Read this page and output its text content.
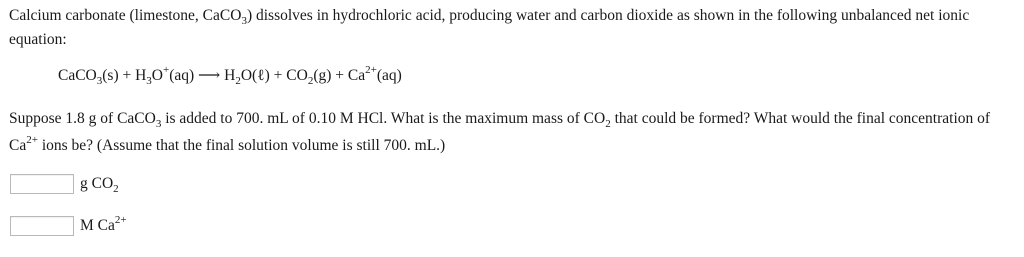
Calcium carbonate (limestone, CaCO$_3$) dissolves in hydrochloric acid, producing water and carbon dioxide as shown in the following unbalanced net ionic equation:
CaCO$_3$(s) + $H_3O^+(aq)$ ⟶ $H_2O(\ell) + CO_2(g) + Ca^{2+}(aq)$
Suppose 1.8 g of CaCO$_3$ is added to 700. mL of 0.10 M HCl. What is the maximum mass of $CO_2$ that could be formed? What would the final concentration of $Ca^{2+}$ ions be? (Assume that the final solution volume is still 700. mL.)
g $CO_2$
M $Ca^{2+}$
